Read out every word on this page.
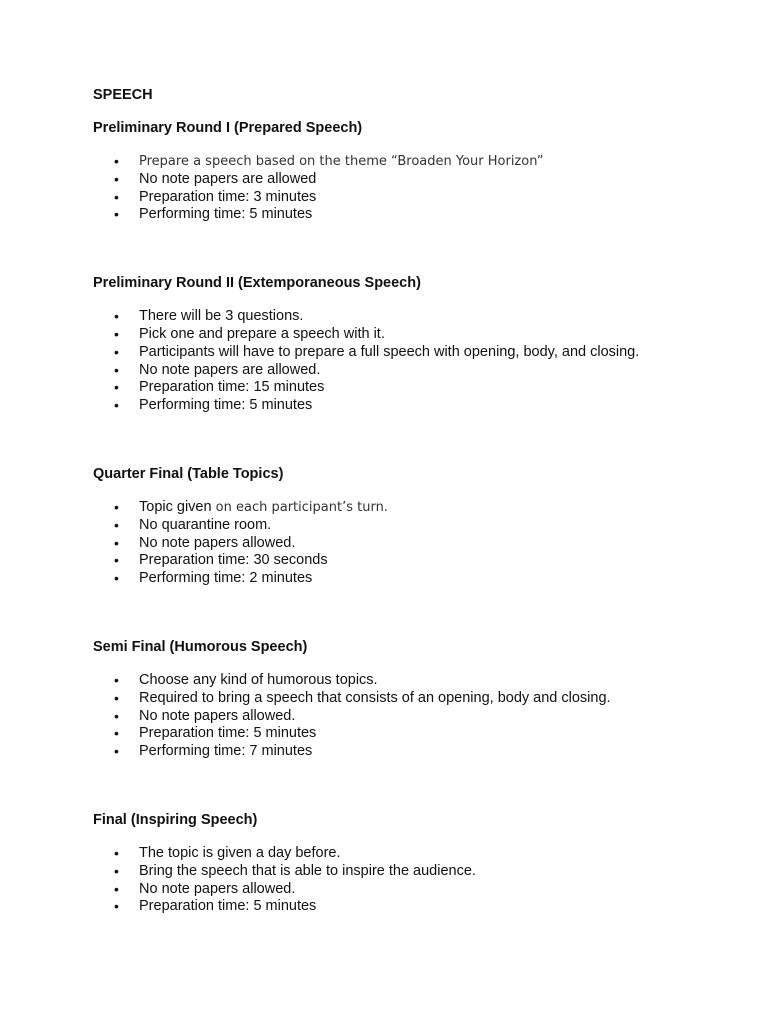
SPEECH
Preliminary Round I (Prepared Speech)
• Prepare a speech based on the theme “Broaden Your Horizon”
• No note papers are allowed
• Preparation time: 3 minutes
• Performing time: 5 minutes
Preliminary Round II (Extemporaneous Speech)
• There will be 3 questions.
• Pick one and prepare a speech with it.
• Participants will have to prepare a full speech with opening, body, and closing.
• No note papers are allowed.
• Preparation time: 15 minutes
• Performing time: 5 minutes
Quarter Final (Table Topics)
• Topic given on each participant’s turn.
• No quarantine room.
• No note papers allowed.
• Preparation time: 30 seconds
• Performing time: 2 minutes
Semi Final (Humorous Speech)
• Choose any kind of humorous topics.
• Required to bring a speech that consists of an opening, body and closing.
• No note papers allowed.
• Preparation time: 5 minutes
• Performing time: 7 minutes
Final (Inspiring Speech)
• The topic is given a day before.
• Bring the speech that is able to inspire the audience.
• No note papers allowed.
• Preparation time: 5 minutes
